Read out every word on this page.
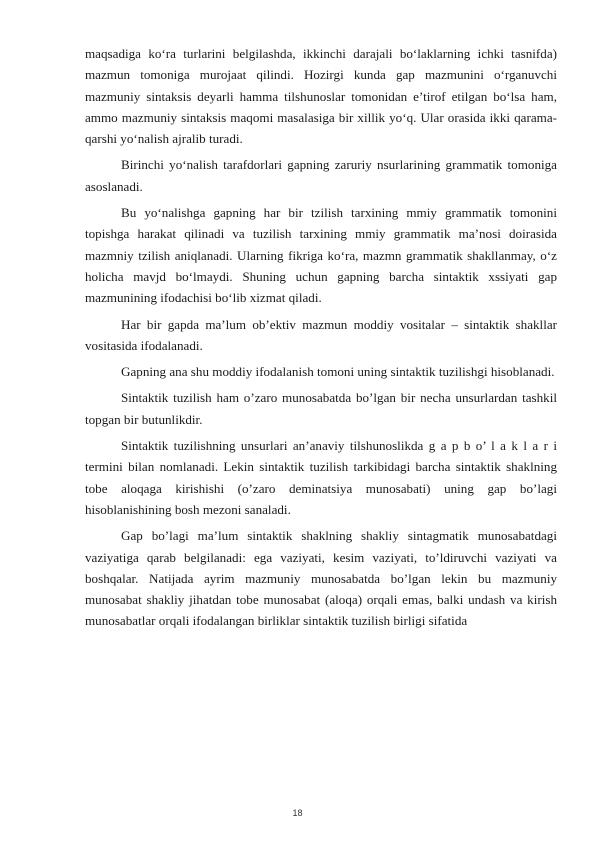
maqsadiga ko‘ra turlarini belgilashda, ikkinchi darajali bo‘laklarning ichki tasnifda) mazmun tomoniga murojaat qilindi. Hozirgi kunda gap mazmunini o‘rganuvchi mazmuniy sintaksis deyarli hamma tilshunoslar tomonidan e’tirof etilgan bo‘lsa ham, ammo mazmuniy sintaksis maqomi masalasiga bir xillik yo‘q. Ular orasida ikki qarama-qarshi yo‘nalish ajralib turadi.

Birinchi yo‘nalish tarafdorlari gapning zaruriy nsurlarining grammatik tomoniga asoslanadi.

Bu yo‘nalishga gapning har bir tzilish tarxining mmiy grammatik tomonini topishga harakat qilinadi va tuzilish tarxining mmiy grammatik ma’nosi doirasida mazmniy tzilish aniqlanadi. Ularning fikriga ko‘ra, mazmn grammatik shakllanmay, o‘z holicha mavjd bo‘lmaydi. Shuning uchun gapning barcha sintaktik xssiyati gap mazmunining ifodachisi bo‘lib xizmat qiladi.

Har bir gapda ma’lum ob’ektiv mazmun moddiy vositalar – sintaktik shakllar vositasida ifodalanadi.

Gapning ana shu moddiy ifodalanish tomoni uning sintaktik tuzilishgi hisoblanadi.

Sintaktik tuzilish ham o’zaro munosabatda bo’lgan bir necha unsurlardan tashkil topgan bir butunlikdir.

Sintaktik tuzilishning unsurlari an’anaviy tilshunoslikda g a p b o’ l a k l a r i termini bilan nomlanadi. Lekin sintaktik tuzilish tarkibidagi barcha sintaktik shaklning tobe aloqaga kirishishi (o’zaro deminatsiya munosabati) uning gap bo’lagi hisoblanishining bosh mezoni sanaladi.

Gap bo’lagi ma’lum sintaktik shaklning shakliy sintagmatik munosabatdagi vaziyatiga qarab belgilanadi: ega vaziyati, kesim vaziyati, to’ldiruvchi vaziyati va boshqalar. Natijada ayrim mazmuniy munosabatda bo’lgan lekin bu mazmuniy munosabat shakliy jihatdan tobe munosabat (aloqa) orqali emas, balki undash va kirish munosabatlar orqali ifodalangan birliklar sintaktik tuzilish birligi sifatida

18
